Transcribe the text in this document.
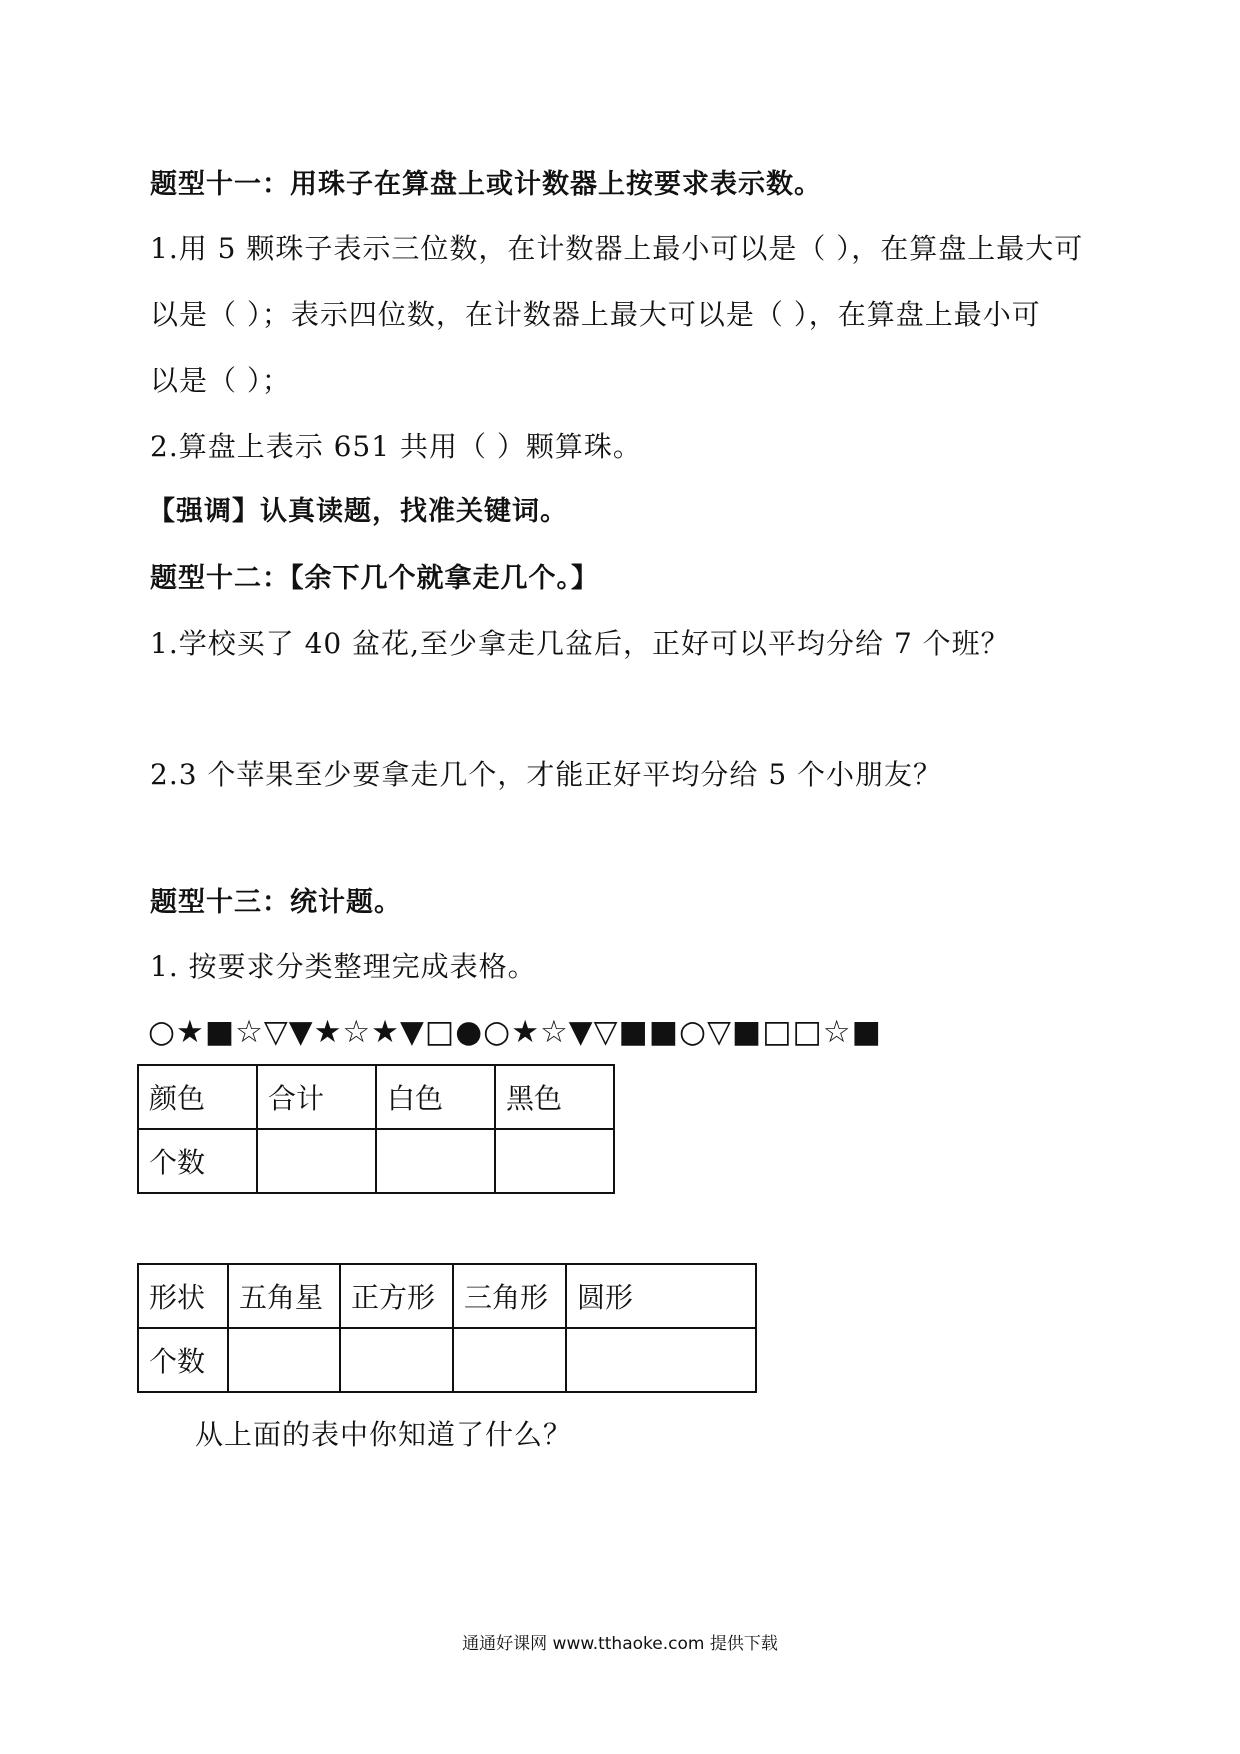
题型十一：用珠子在算盘上或计数器上按要求表示数。
1.用 5 颗珠子表示三位数，在计数器上最小可以是（ ），在算盘上最大可
以是（ ）；表示四位数，在计数器上最大可以是（ ），在算盘上最小可
以是（ ）；
2.算盘上表示 651 共用（ ）颗算珠。
【强调】认真读题，找准关键词。
题型十二：【余下几个就拿走几个。】
1.学校买了 40 盆花,至少拿走几盆后，正好可以平均分给 7 个班？
2.3 个苹果至少要拿走几个，才能正好平均分给 5 个小朋友？
题型十三：统计题。
1. 按要求分类整理完成表格。
○★■☆▽▼★☆★▼□●○★☆▼▽■■○▽■□□☆■
颜色	合计	白色	黑色
个数			
形状	五角星	正方形	三角形	圆形
个数				
从上面的表中你知道了什么？
通通好课网 www.tthaoke.com 提供下载
